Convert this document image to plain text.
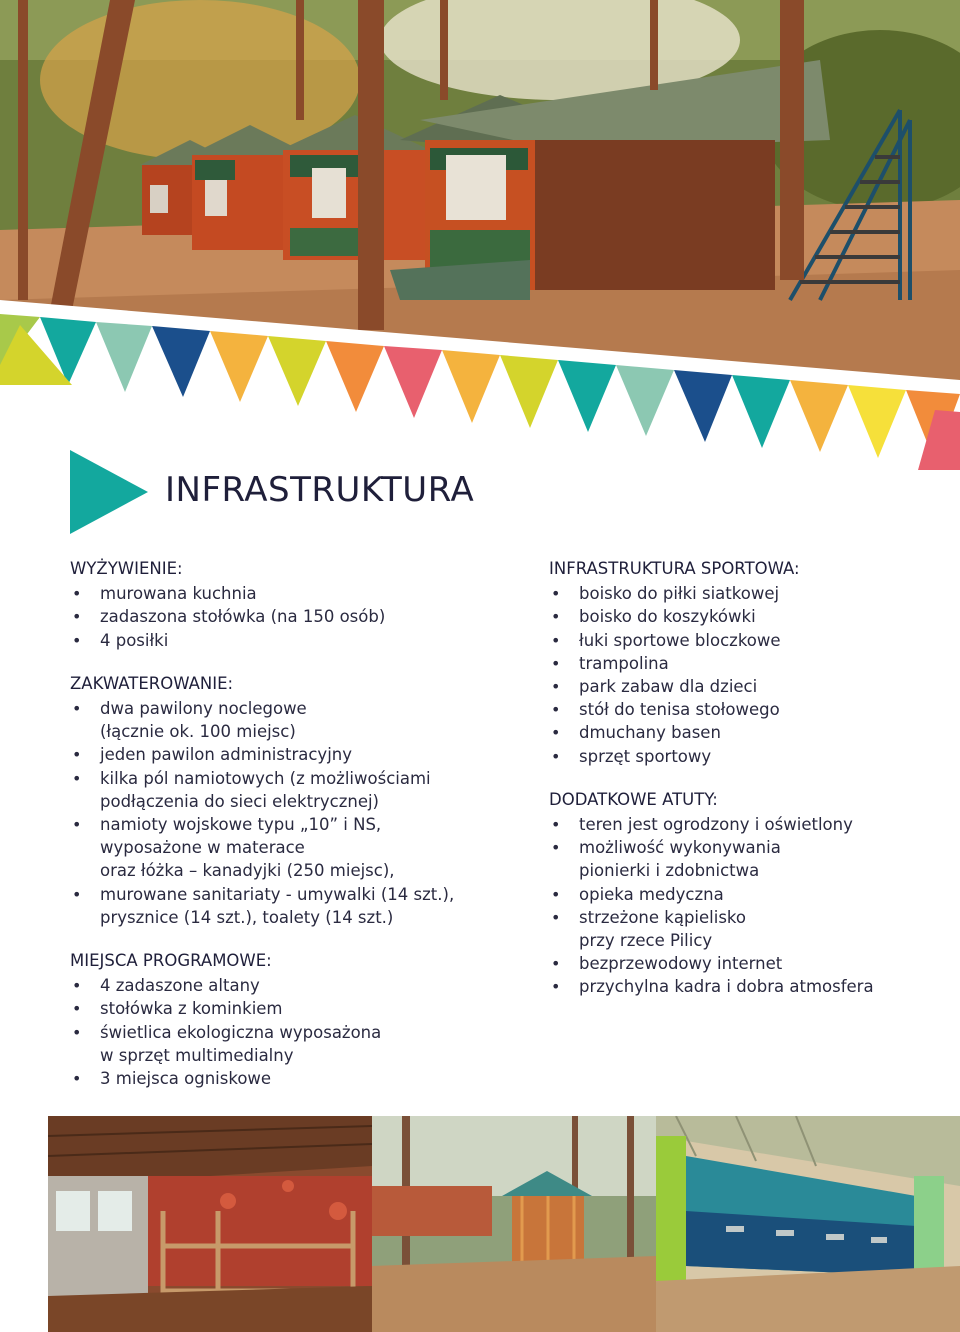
INFRASTRUKTURA
WYŻYWIENIE:
• murowana kuchnia
• zadaszona stołówka (na 150 osób)
• 4 posiłki
ZAKWATEROWANIE:
• dwa pawilony noclegowe
(łącznie ok. 100 miejsc)
• jeden pawilon administracyjny
• kilka pól namiotowych (z możliwościami
podłączenia do sieci elektrycznej)
• namioty wojskowe typu „10” i NS,
wyposażone w materace
oraz łóżka – kanadyjki (250 miejsc),
• murowane sanitariaty - umywalki (14 szt.),
prysznice (14 szt.), toalety (14 szt.)
MIEJSCA PROGRAMOWE:
• 4 zadaszone altany
• stołówka z kominkiem
• świetlica ekologiczna wyposażona
w sprzęt multimedialny
• 3 miejsca ogniskowe
INFRASTRUKTURA SPORTOWA:
• boisko do piłki siatkowej
• boisko do koszykówki
• łuki sportowe bloczkowe
• trampolina
• park zabaw dla dzieci
• stół do tenisa stołowego
• dmuchany basen
• sprzęt sportowy
DODATKOWE ATUTY:
• teren jest ogrodzony i oświetlony
• możliwość wykonywania
pionierki i zdobnictwa
• opieka medyczna
• strzeżone kąpielisko
przy rzece Pilicy
• bezprzewodowy internet
• przychylna kadra i dobra atmosfera
